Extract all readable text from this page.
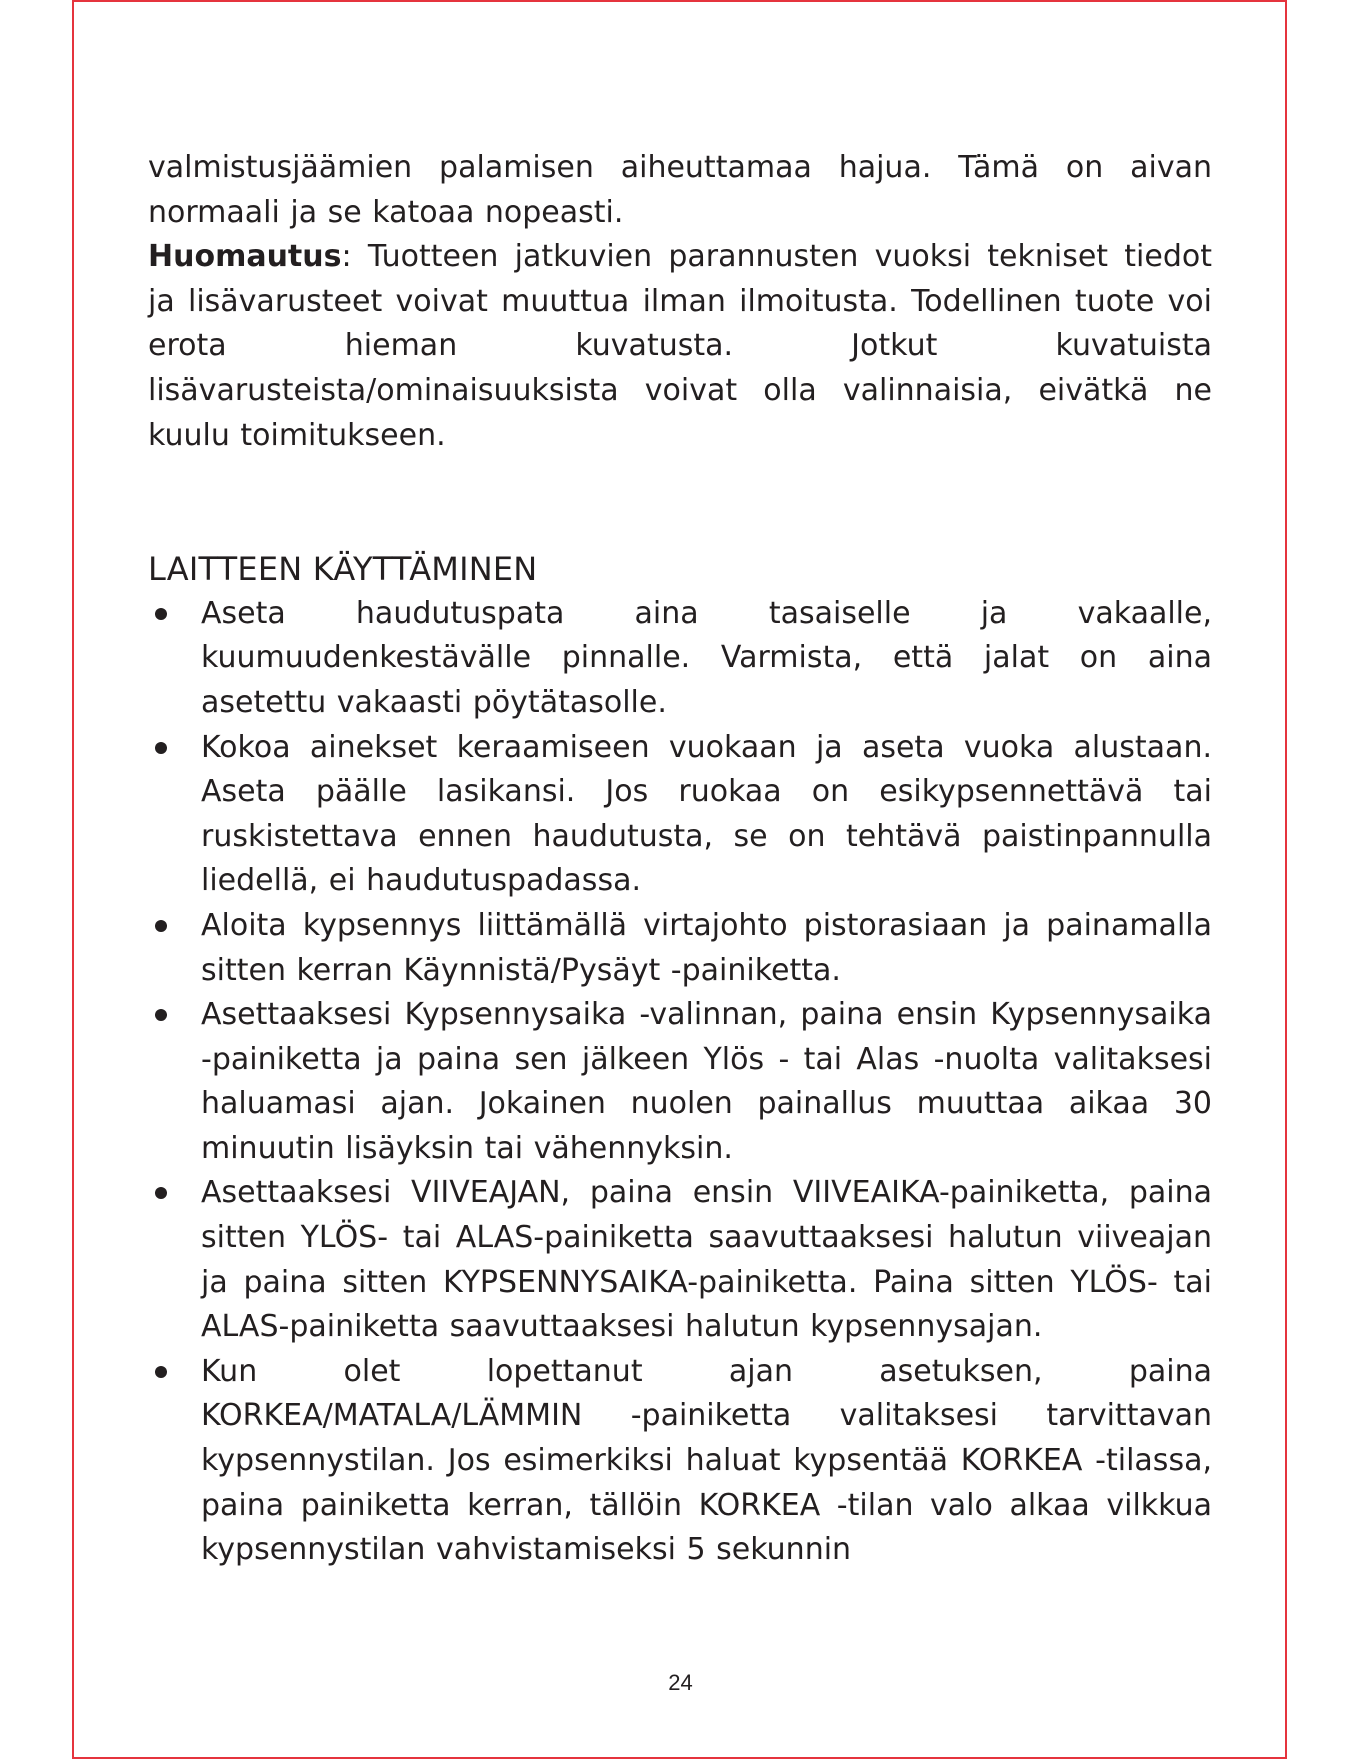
valmistusjäämien palamisen aiheuttamaa hajua. Tämä on aivan normaali ja se katoaa nopeasti.

Huomautus: Tuotteen jatkuvien parannusten vuoksi tekniset tiedot ja lisävarusteet voivat muuttua ilman ilmoitusta. Todellinen tuote voi erota hieman kuvatusta. Jotkut kuvatuista lisävarusteista/ominaisuuksista voivat olla valinnaisia, eivätkä ne kuulu toimitukseen.

LAITTEEN KÄYTTÄMINEN
Aseta haudutuspata aina tasaiselle ja vakaalle, kuumuudenkestävälle pinnalle. Varmista, että jalat on aina asetettu vakaasti pöytätasolle.
Kokoa ainekset keraamiseen vuokaan ja aseta vuoka alustaan. Aseta päälle lasikansi. Jos ruokaa on esikypsennettävä tai ruskistettava ennen haudutusta, se on tehtävä paistinpannulla liedellä, ei haudutuspadassa.
Aloita kypsennys liittämällä virtajohto pistorasiaan ja painamalla sitten kerran Käynnistä/Pysäyt -painiketta.
Asettaaksesi Kypsennysaika -valinnan, paina ensin Kypsennysaika -painiketta ja paina sen jälkeen Ylös - tai Alas -nuolta valitaksesi haluamasi ajan. Jokainen nuolen painallus muuttaa aikaa 30 minuutin lisäyksin tai vähennyksin.
Asettaaksesi VIIVEAJAN, paina ensin VIIVEAIKA-painiketta, paina sitten YLÖS- tai ALAS-painiketta saavuttaaksesi halutun viiveajan ja paina sitten KYPSENNYSAIKA-painiketta. Paina sitten YLÖS- tai ALAS-painiketta saavuttaaksesi halutun kypsennysajan.
Kun olet lopettanut ajan asetuksen, paina KORKEA/MATALA/LÄMMIN -painiketta valitaksesi tarvittavan kypsennystilan. Jos esimerkiksi haluat kypsentää KORKEA -tilassa, paina painiketta kerran, tällöin KORKEA -tilan valo alkaa vilkkua kypsennystilan vahvistamiseksi 5 sekunnin
24
